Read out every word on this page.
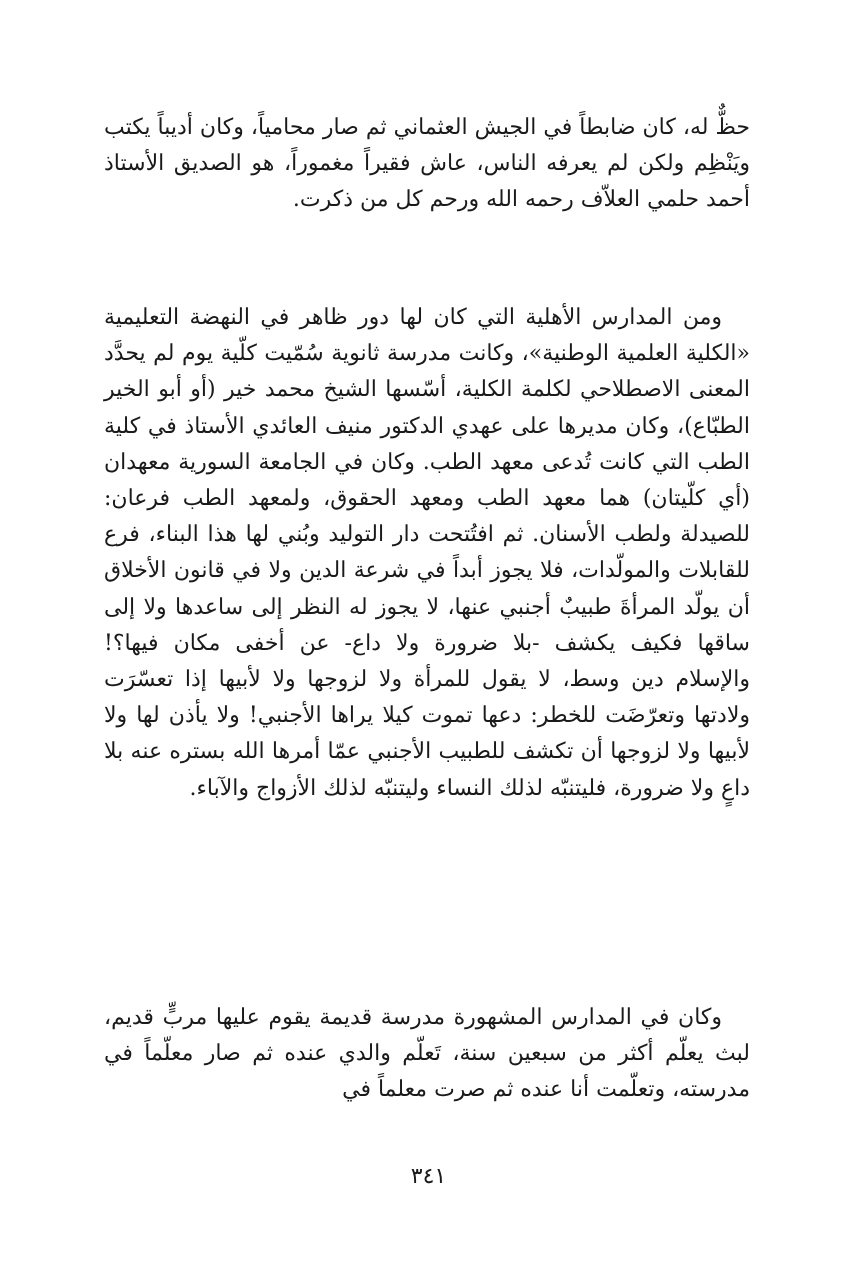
حظٌّ له، كان ضابطاً في الجيش العثماني ثم صار محامياً، وكان أديباً يكتب ويَنْظِم ولكن لم يعرفه الناس، عاش فقيراً مغموراً، هو الصديق الأستاذ أحمد حلمي العلاّف رحمه الله ورحم كل من ذكرت.

ومن المدارس الأهلية التي كان لها دور ظاهر في النهضة التعليمية «الكلية العلمية الوطنية»، وكانت مدرسة ثانوية سُمّيت كلّية يوم لم يحدَّد المعنى الاصطلاحي لكلمة الكلية، أسّسها الشيخ محمد خير (أو أبو الخير الطبّاع)، وكان مديرها على عهدي الدكتور منيف العائدي الأستاذ في كلية الطب التي كانت تُدعى معهد الطب. وكان في الجامعة السورية معهدان (أي كلّيتان) هما معهد الطب ومعهد الحقوق، ولمعهد الطب فرعان: للصيدلة ولطب الأسنان. ثم افتُتحت دار التوليد وبُني لها هذا البناء، فرع للقابلات والمولّدات، فلا يجوز أبداً في شرعة الدين ولا في قانون الأخلاق أن يولّد المرأةَ طبيبٌ أجنبي عنها، لا يجوز له النظر إلى ساعدها ولا إلى ساقها فكيف يكشف -بلا ضرورة ولا داع- عن أخفى مكان فيها؟! والإسلام دين وسط، لا يقول للمرأة ولا لزوجها ولا لأبيها إذا تعسّرَت ولادتها وتعرّضَت للخطر: دعها تموت كيلا يراها الأجنبي! ولا يأذن لها ولا لأبيها ولا لزوجها أن تكشف للطبيب الأجنبي عمّا أمرها الله بستره عنه بلا داعٍ ولا ضرورة، فليتنبّه لذلك النساء وليتنبّه لذلك الأزواج والآباء.

وكان في المدارس المشهورة مدرسة قديمة يقوم عليها مربٍّ قديم، لبث يعلّم أكثر من سبعين سنة، تَعلّم والدي عنده ثم صار معلّماً في مدرسته، وتعلّمت أنا عنده ثم صرت معلماً في

٣٤١
